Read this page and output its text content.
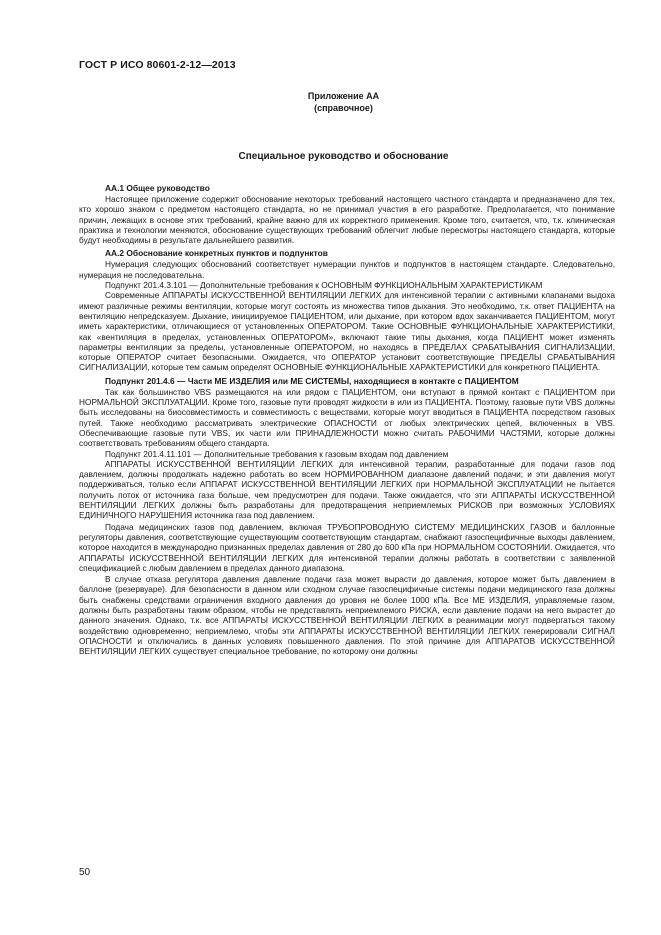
ГОСТ Р ИСО 80601-2-12—2013
Приложение АА
(справочное)
Специальное руководство и обоснование
АА.1 Общее руководство

Настоящее приложение содержит обоснование некоторых требований настоящего частного стандарта и предназначено для тех, кто хорошо знаком с предметом настоящего стандарта, но не принимал участия в его разработке. Предполагается, что понимание причин, лежащих в основе этих требований, крайне важно для их корректного применения. Кроме того, считается, что, т.к. клиническая практика и технологии меняются, обоснование существующих требований облегчит любые пересмотры настоящего стандарта, которые будут необходимы в результате дальнейшего развития.

АА.2 Обоснование конкретных пунктов и подпунктов

Нумерация следующих обоснований соответствует нумерации пунктов и подпунктов в настоящем стандарте. Следовательно, нумерация не последовательна.

Подпункт 201.4.3.101 — Дополнительные требования к ОСНОВНЫМ ФУНКЦИОНАЛЬНЫМ ХАРАКТЕРИСТИКАМ

Современные АППАРАТЫ ИСКУССТВЕННОЙ ВЕНТИЛЯЦИИ ЛЕГКИХ для интенсивной терапии с активными клапанами выдоха имеют различные режимы вентиляции, которые могут состоять из множества типов дыхания. Это необходимо, т.к. ответ ПАЦИЕНТА на вентиляцию непредсказуем. Дыхание, инициируемое ПАЦИЕНТОМ, или дыхание, при котором вдох заканчивается ПАЦИЕНТОМ, могут иметь характеристики, отличающиеся от установленных ОПЕРАТОРОМ. Такие ОСНОВНЫЕ ФУНКЦИОНАЛЬНЫЕ ХАРАКТЕРИСТИКИ, как «вентиляция в пределах, установленных ОПЕРАТОРОМ», включают такие типы дыхания, когда ПАЦИЕНТ может изменять параметры вентиляции за пределы, установленные ОПЕРАТОРОМ, но находясь в ПРЕДЕЛАХ СРАБАТЫВАНИЯ СИГНАЛИЗАЦИИ, которые ОПЕРАТОР считает безопасными. Ожидается, что ОПЕРАТОР установит соответствующие ПРЕДЕЛЫ СРАБАТЫВАНИЯ СИГНАЛИЗАЦИИ, которые тем самым определят ОСНОВНЫЕ ФУНКЦИОНАЛЬНЫЕ ХАРАКТЕРИСТИКИ для конкретного ПАЦИЕНТА.

Подпункт 201.4.6 — Части МЕ ИЗДЕЛИЯ или МЕ СИСТЕМЫ, находящиеся в контакте с ПАЦИЕНТОМ

Так как большинство VBS размещаются на или рядом с ПАЦИЕНТОМ, они вступают в прямой контакт с ПАЦИЕНТОМ при НОРМАЛЬНОЙ ЭКСПЛУАТАЦИИ. Кроме того, газовые пути проводят жидкости в или из ПАЦИЕНТА. Поэтому, газовые пути VBS должны быть исследованы на биосовместимость и совместимость с веществами, которые могут вводиться в ПАЦИЕНТА посредством газовых путей. Также необходимо рассматривать электрические ОПАСНОСТИ от любых электрических цепей, включенных в VBS. Обеспечивающие газовые пути VBS, их части или ПРИНАДЛЕЖНОСТИ можно считать РАБОЧИМИ ЧАСТЯМИ, которые должны соответствовать требованиям общего стандарта.

Подпункт 201.4.11.101 — Дополнительные требования к газовым входам под давлением

АППАРАТЫ ИСКУССТВЕННОЙ ВЕНТИЛЯЦИИ ЛЕГКИХ для интенсивной терапии, разработанные для подачи газов под давлением, должны продолжать надежно работать во всем НОРМИРОВАННОМ диапазоне давлений подачи; и эти давления могут поддерживаться, только если АППАРАТ ИСКУССТВЕННОЙ ВЕНТИЛЯЦИИ ЛЕГКИХ при НОРМАЛЬНОЙ ЭКСПЛУАТАЦИИ не пытается получить поток от источника газа больше, чем предусмотрен для подачи. Также ожидается, что эти АППАРАТЫ ИСКУССТВЕННОЙ ВЕНТИЛЯЦИИ ЛЕГКИХ должны быть разработаны для предотвращения неприемлемых РИСКОВ при возможных УСЛОВИЯХ ЕДИНИЧНОГО НАРУШЕНИЯ источника газа под давлением.

Подача медицинских газов под давлением, включая ТРУБОПРОВОДНУЮ СИСТЕМУ МЕДИЦИНСКИХ ГАЗОВ и баллонные регуляторы давления, соответствующие существующим соответствующим стандартам, снабжают газоспецифичные выходы давлением, которое находится в международно признанных пределах давления от 280 до 600 кПа при НОРМАЛЬНОМ СОСТОЯНИИ. Ожидается, что АППАРАТЫ ИСКУССТВЕННОЙ ВЕНТИЛЯЦИИ ЛЕГКИХ для интенсивной терапии должны работать в соответствии с заявленной спецификацией с любым давлением в пределах данного диапазона.

В случае отказа регулятора давления давление подачи газа может вырасти до давления, которое может быть давлением в баллоне (резервуаре). Для безопасности в данном или сходном случае газоспецифичные системы подачи медицинского газа должны быть снабжены средствами ограничения входного давления до уровня не более 1000 кПа. Все МЕ ИЗДЕЛИЯ, управляемые газом, должны быть разработаны таким образом, чтобы не представлять неприемлемого РИСКА, если давление подачи на него вырастет до данного значения. Однако, т.к. все АППАРАТЫ ИСКУССТВЕННОЙ ВЕНТИЛЯЦИИ ЛЕГКИХ в реанимации могут подвергаться такому воздействию одновременно, неприемлемо, чтобы эти АППАРАТЫ ИСКУССТВЕННОЙ ВЕНТИЛЯЦИИ ЛЕГКИХ генерировали СИГНАЛ ОПАСНОСТИ и отключались в данных условиях повышенного давления. По этой причине для АППАРАТОВ ИСКУССТВЕННОЙ ВЕНТИЛЯЦИИ ЛЕГКИХ существует специальное требование, по которому они должны

50
